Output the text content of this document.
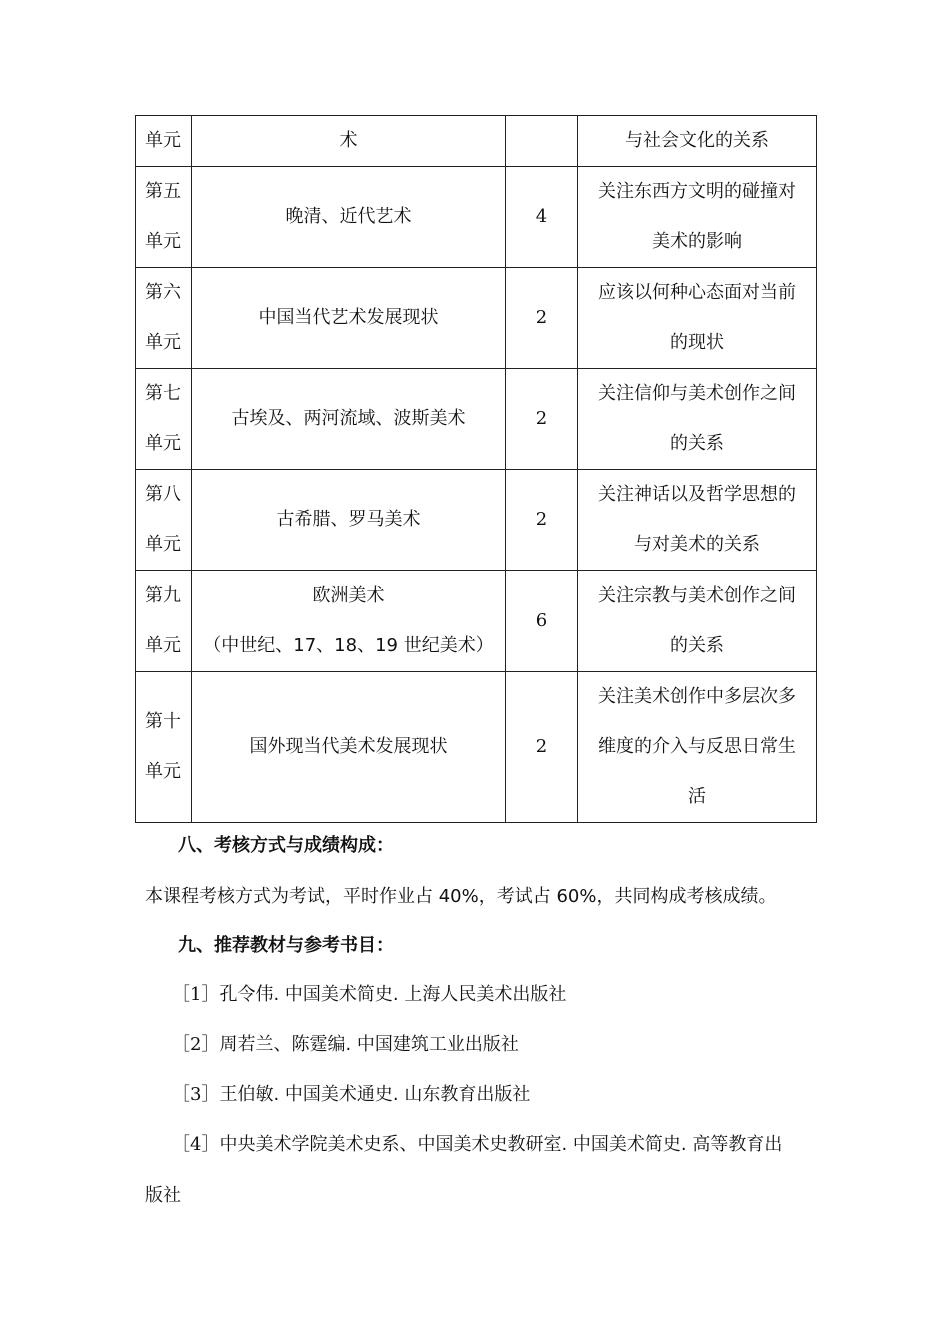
单元	术		与社会文化的关系

第五
单元	晚清、近代艺术	4	关注东西方文明的碰撞对
美术的影响

第六
单元	中国当代艺术发展现状	2	应该以何种心态面对当前
的现状

第七
单元	古埃及、两河流域、波斯美术	2	关注信仰与美术创作之间
的关系

第八
单元	古希腊、罗马美术	2	关注神话以及哲学思想的
与对美术的关系

第九
单元	欧洲美术
（中世纪、17、18、19 世纪美术）	6	关注宗教与美术创作之间
的关系

第十
单元	国外现当代美术发展现状	2	关注美术创作中多层次多
维度的介入与反思日常生
活
八、考核方式与成绩构成：
本课程考核方式为考试，平时作业占 40%，考试占 60%，共同构成考核成绩。
九、推荐教材与参考书目：
［1］孔令伟. 中国美术简史. 上海人民美术出版社
［2］周若兰、陈霆编. 中国建筑工业出版社
［3］王伯敏. 中国美术通史. 山东教育出版社
［4］中央美术学院美术史系、中国美术史教研室. 中国美术简史. 高等教育出
版社
